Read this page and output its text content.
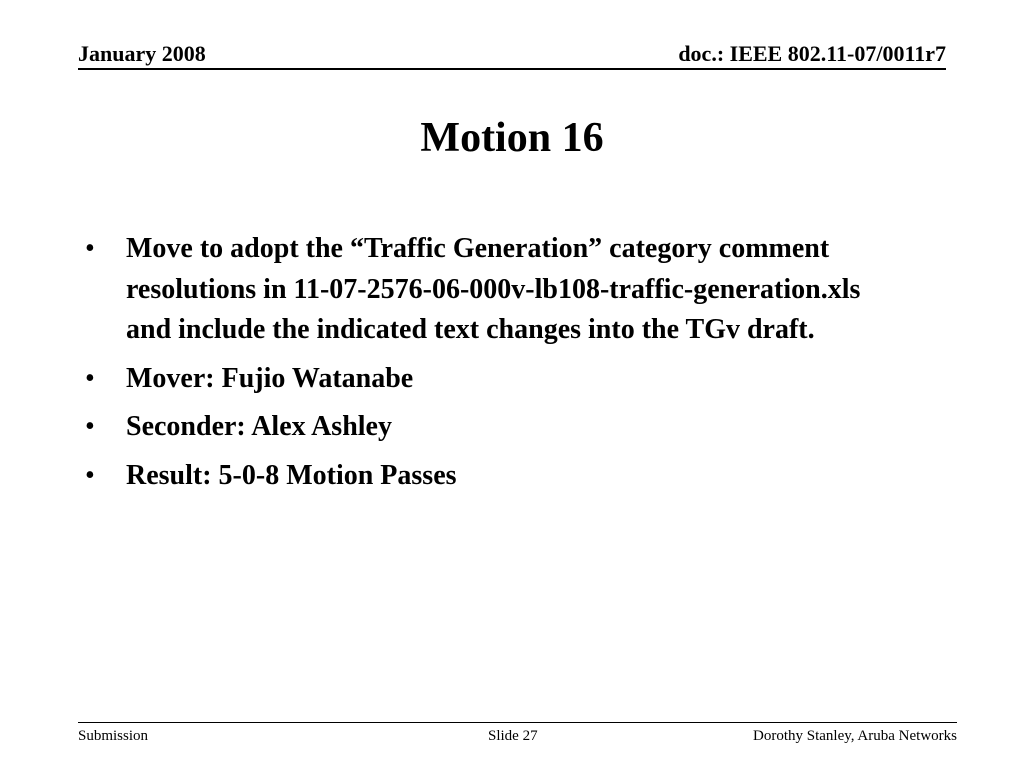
January 2008	doc.: IEEE 802.11-07/0011r7
Motion 16
• Move to adopt the “Traffic Generation” category comment resolutions in 11-07-2576-06-000v-lb108-traffic-generation.xls and include the indicated text changes into the TGv draft.
• Mover: Fujio Watanabe
• Seconder: Alex Ashley
• Result: 5-0-8 Motion Passes
Submission	Slide 27	Dorothy Stanley, Aruba Networks
